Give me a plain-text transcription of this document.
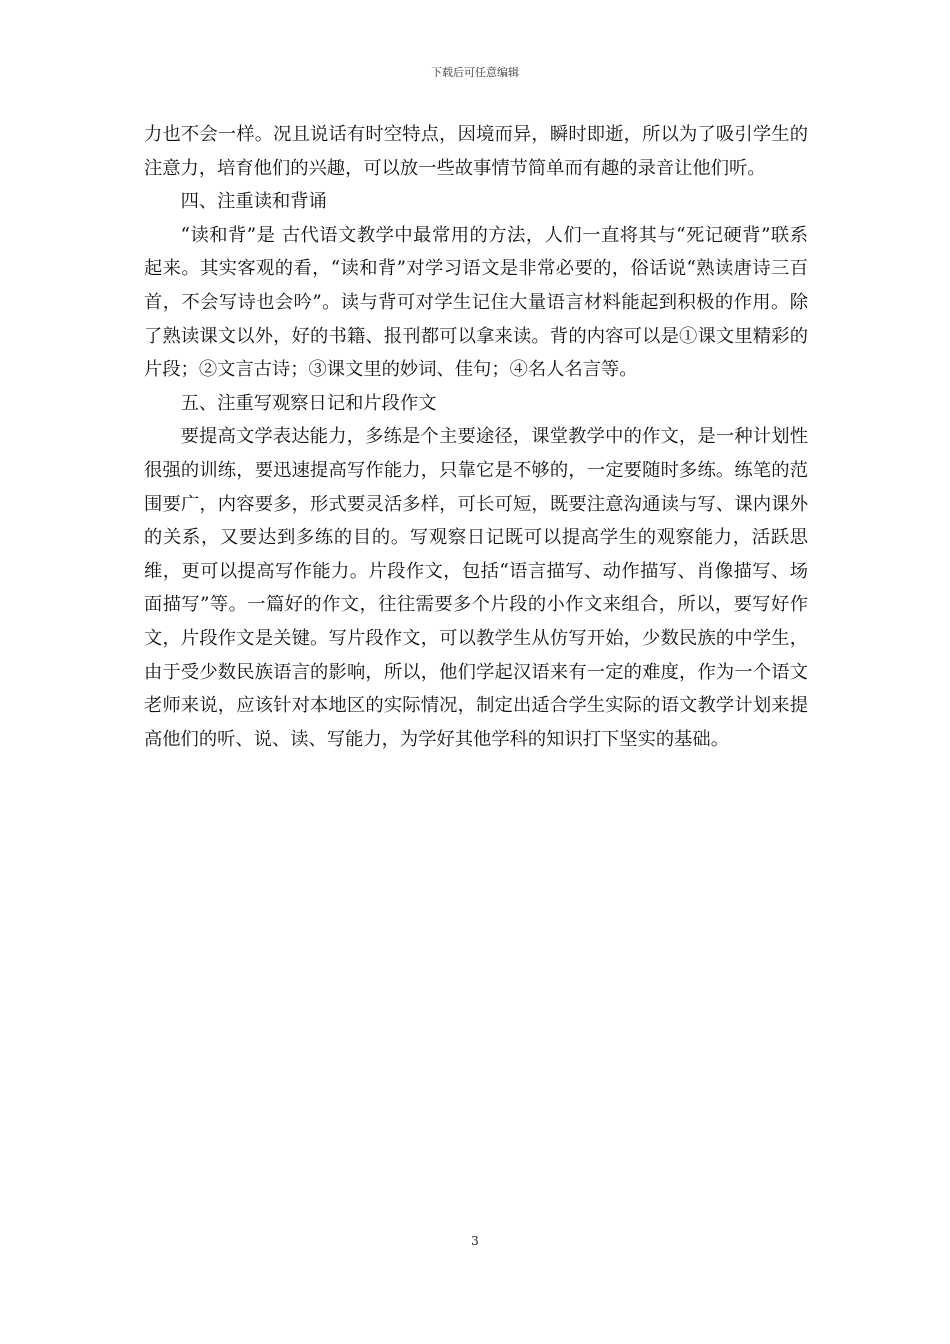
下载后可任意编辑

力也不会一样。况且说话有时空特点，因境而异，瞬时即逝，所以为了吸引学生的注意力，培育他们的兴趣，可以放一些故事情节简单而有趣的录音让他们听。

四、注重读和背诵

“读和背”是 古代语文教学中最常用的方法，人们一直将其与“死记硬背”联系起来。其实客观的看，“读和背”对学习语文是非常必要的，俗话说“熟读唐诗三百首，不会写诗也会吟”。读与背可对学生记住大量语言材料能起到积极的作用。除了熟读课文以外，好的书籍、报刊都可以拿来读。背的内容可以是①课文里精彩的片段；②文言古诗；③课文里的妙词、佳句；④名人名言等。

五、注重写观察日记和片段作文

要提高文学表达能力，多练是个主要途径，课堂教学中的作文，是一种计划性很强的训练，要迅速提高写作能力，只靠它是不够的，一定要随时多练。练笔的范围要广，内容要多，形式要灵活多样，可长可短，既要注意沟通读与写、课内课外的关系，又要达到多练的目的。写观察日记既可以提高学生的观察能力，活跃思维，更可以提高写作能力。片段作文，包括“语言描写、动作描写、肖像描写、场面描写”等。一篇好的作文，往往需要多个片段的小作文来组合，所以，要写好作文，片段作文是关键。写片段作文，可以教学生从仿写开始，少数民族的中学生，由于受少数民族语言的影响，所以，他们学起汉语来有一定的难度，作为一个语文老师来说，应该针对本地区的实际情况，制定出适合学生实际的语文教学计划来提高他们的听、说、读、写能力，为学好其他学科的知识打下坚实的基础。

3
